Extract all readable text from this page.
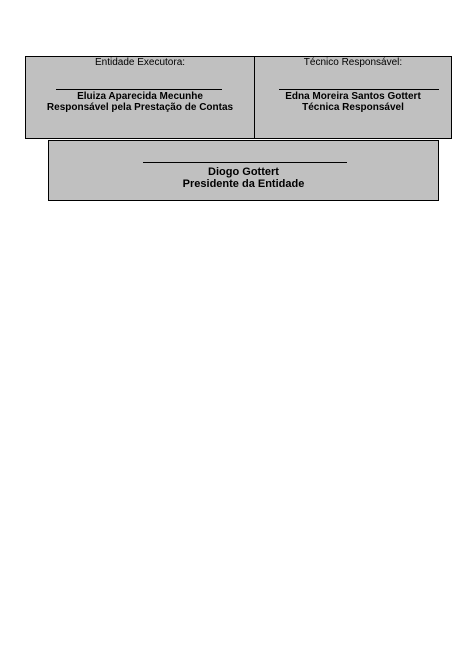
Entidade Executora:
Eluiza Aparecida Mecunhe
Responsável pela Prestação de Contas
Técnico Responsável:
Edna Moreira Santos Gottert
Técnica Responsável
Diogo Gottert
Presidente da Entidade
